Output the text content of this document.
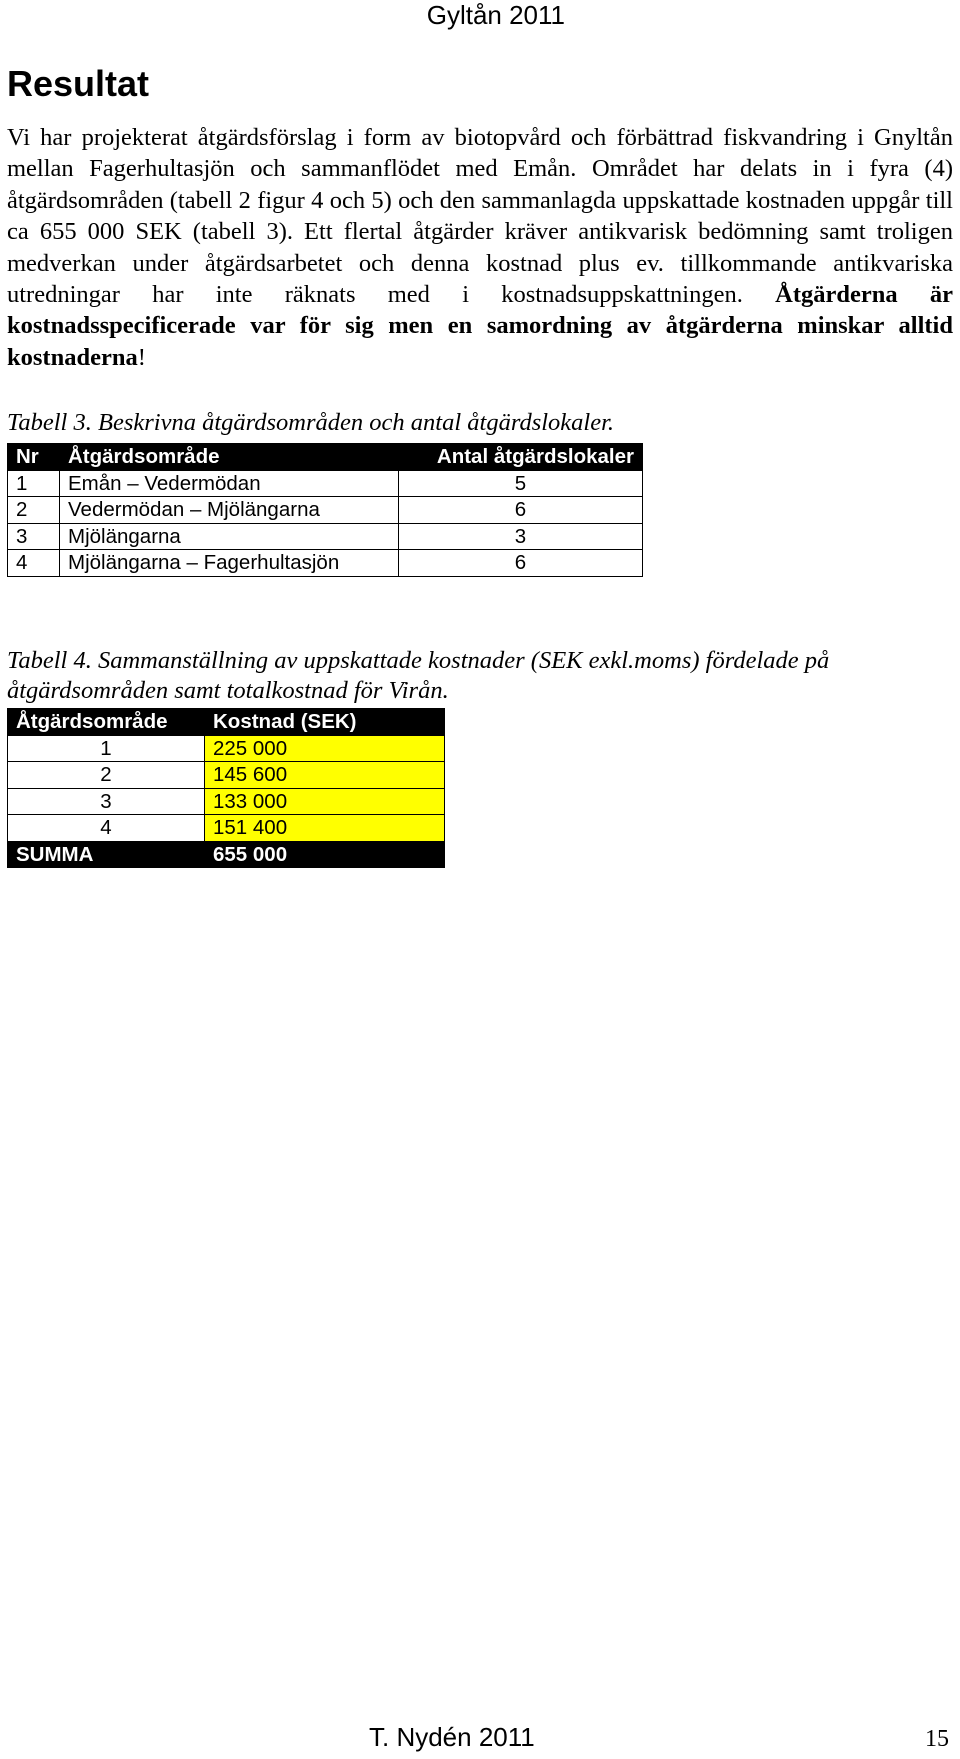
Gyltån 2011
Resultat

Vi har projekterat åtgärdsförslag i form av biotopvård och förbättrad fiskvandring i Gnyltån mellan Fagerhultasjön och sammanflödet med Emån. Området har delats in i fyra (4) åtgärdsområden (tabell 2 figur 4 och 5) och den sammanlagda uppskattade kostnaden uppgår till ca 655 000 SEK (tabell 3). Ett flertal åtgärder kräver antikvarisk bedömning samt troligen medverkan under åtgärdsarbetet och denna kostnad plus ev. tillkommande antikvariska utredningar har inte räknats med i kostnadsuppskattningen. Åtgärderna är kostnadsspecificerade var för sig men en samordning av åtgärderna minskar alltid kostnaderna!

Tabell 3. Beskrivna åtgärdsområden och antal åtgärdslokaler.

Nr	Åtgärdsområde	Antal åtgärdslokaler
1	Emån – Vedermödan	5
2	Vedermödan – Mjölängarna	6
3	Mjölängarna	3
4	Mjölängarna – Fagerhultasjön	6

Tabell 4. Sammanställning av uppskattade kostnader (SEK exkl.moms) fördelade på åtgärdsområden samt totalkostnad för Virån.

Åtgärdsområde	Kostnad (SEK)
1	225 000
2	145 600
3	133 000
4	151 400
SUMMA	655 000
T. Nydén 2011	15
